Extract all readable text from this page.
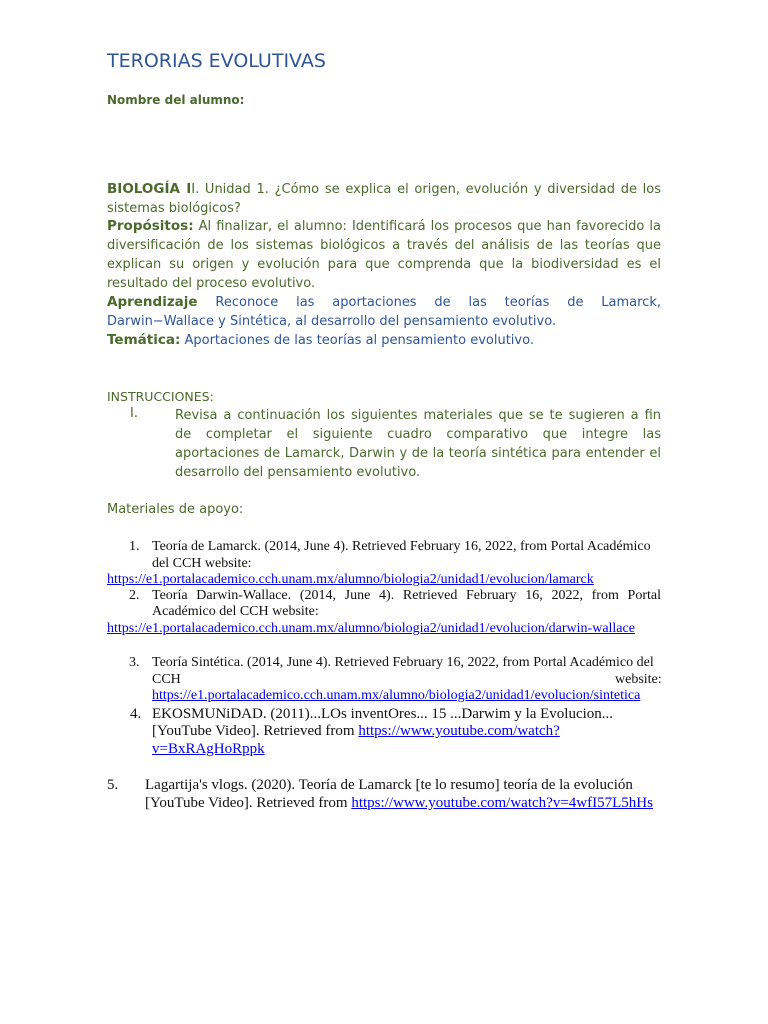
TERORIAS EVOLUTIVAS
Nombre del alumno:
BIOLOGÍA II. Unidad 1. ¿Cómo se explica el origen, evolución y diversidad de los sistemas biológicos?
Propósitos: Al finalizar, el alumno: Identificará los procesos que han favorecido la diversificación de los sistemas biológicos a través del análisis de las teorías que explican su origen y evolución para que comprenda que la biodiversidad es el resultado del proceso evolutivo.
Aprendizaje Reconoce las aportaciones de las teorías de Lamarck, Darwin−Wallace y Sintética, al desarrollo del pensamiento evolutivo.
Temática: Aportaciones de las teorías al pensamiento evolutivo.
INSTRUCCIONES:
I.	Revisa a continuación los siguientes materiales que se te sugieren a fin de completar el siguiente cuadro comparativo que integre las aportaciones de Lamarck, Darwin y de la teoría sintética para entender el desarrollo del pensamiento evolutivo.
Materiales de apoyo:
1. Teoría de Lamarck. (2014, June 4). Retrieved February 16, 2022, from Portal Académico
del CCH website:
https://e1.portalacademico.cch.unam.mx/alumno/biologia2/unidad1/evolucion/lamarck
2. Teoría Darwin-Wallace. (2014, June 4). Retrieved February 16, 2022, from Portal
Académico del CCH website:
https://e1.portalacademico.cch.unam.mx/alumno/biologia2/unidad1/evolucion/darwin-wallace
3. Teoría Sintética. (2014, June 4). Retrieved February 16, 2022, from Portal Académico del
CCH	website:
https://e1.portalacademico.cch.unam.mx/alumno/biologia2/unidad1/evolucion/sintetica
4. EKOSMUNiDAD. (2011)...LOs inventOres... 15 ...Darwim y la Evolucion...
[YouTube Video]. Retrieved from https://www.youtube.com/watch?
v=BxRAgHoRppk
5. Lagartija's vlogs. (2020). Teoría de Lamarck [te lo resumo] teoría de la evolución
[YouTube Video]. Retrieved from https://www.youtube.com/watch?v=4wfI57L5hHs
